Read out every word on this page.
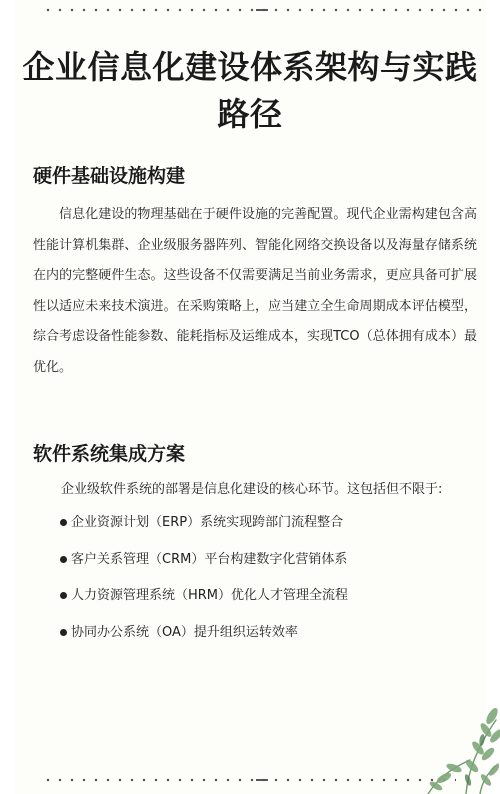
企业信息化建设体系架构与实践路径
硬件基础设施构建

信息化建设的物理基础在于硬件设施的完善配置。现代企业需构建包含高性能计算机集群、企业级服务器阵列、智能化网络交换设备以及海量存储系统在内的完整硬件生态。这些设备不仅需要满足当前业务需求，更应具备可扩展性以适应未来技术演进。在采购策略上，应当建立全生命周期成本评估模型，综合考虑设备性能参数、能耗指标及运维成本，实现TCO（总体拥有成本）最优化。

软件系统集成方案

企业级软件系统的部署是信息化建设的核心环节。这包括但不限于:

企业资源计划（ERP）系统实现跨部门流程整合
客户关系管理（CRM）平台构建数字化营销体系
人力资源管理系统（HRM）优化人才管理全流程
协同办公系统（OA）提升组织运转效率
